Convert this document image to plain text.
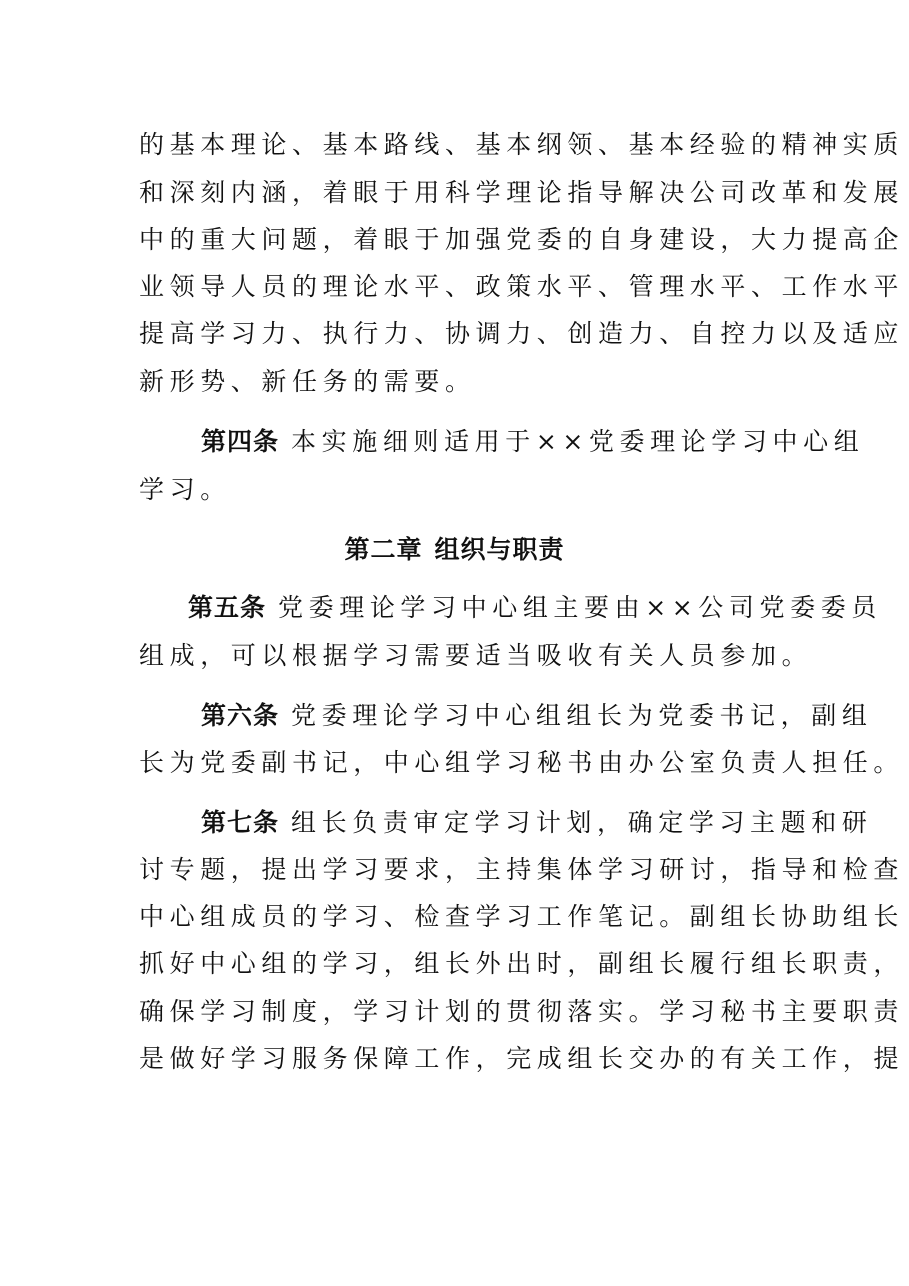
的基本理论、基本路线、基本纲领、基本经验的精神实质
和深刻内涵，着眼于用科学理论指导解决公司改革和发展
中的重大问题，着眼于加强党委的自身建设，大力提高企
业领导人员的理论水平、政策水平、管理水平、工作水平
提高学习力、执行力、协调力、创造力、自控力以及适应
新形势、新任务的需要。
第四条 本实施细则适用于××党委理论学习中心组
学习。
第二章 组织与职责
第五条 党委理论学习中心组主要由××公司党委委员
组成，可以根据学习需要适当吸收有关人员参加。
第六条 党委理论学习中心组组长为党委书记，副组
长为党委副书记，中心组学习秘书由办公室负责人担任。
第七条 组长负责审定学习计划，确定学习主题和研
讨专题，提出学习要求，主持集体学习研讨，指导和检查
中心组成员的学习、检查学习工作笔记。副组长协助组长
抓好中心组的学习，组长外出时，副组长履行组长职责，
确保学习制度，学习计划的贯彻落实。学习秘书主要职责
是做好学习服务保障工作，完成组长交办的有关工作，提
